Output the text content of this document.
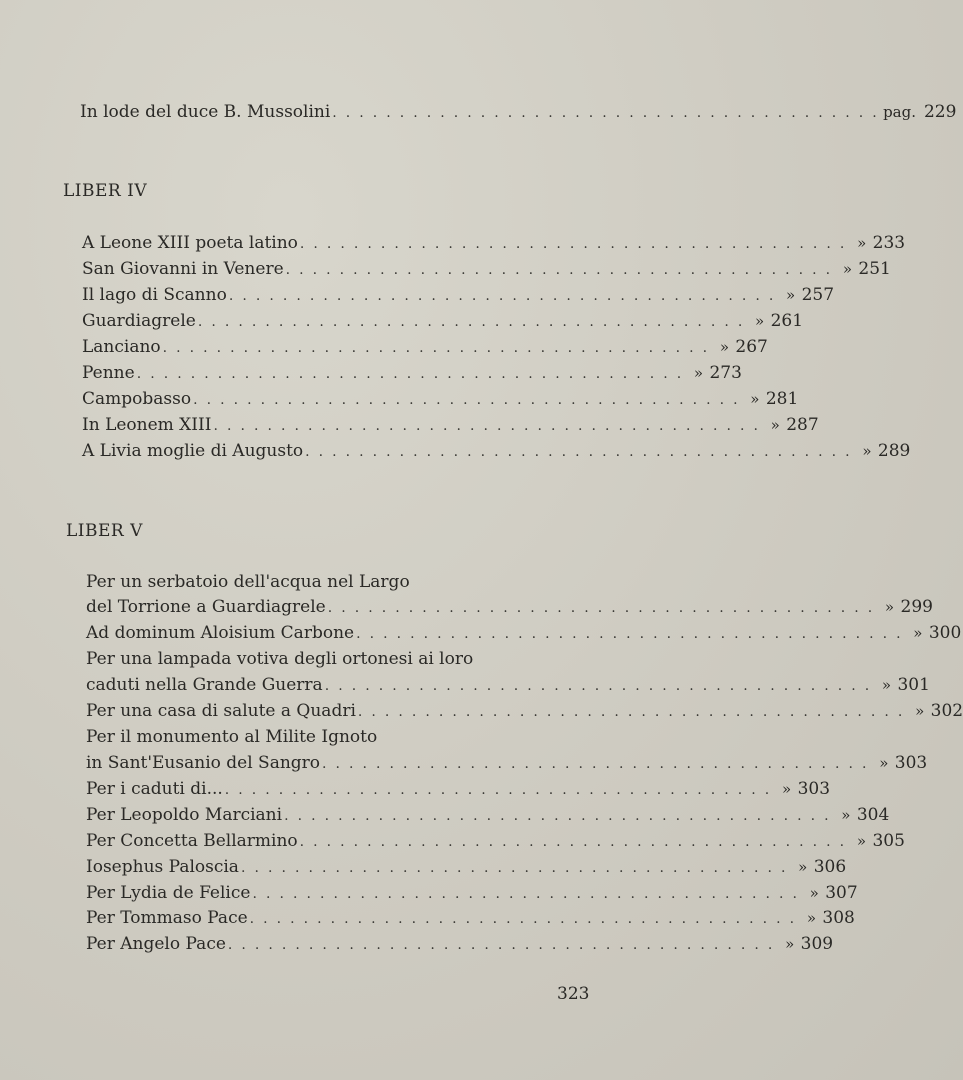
In lode del duce B. Mussolini . . . . . . . . . . . . . . . . . . . . . . . . . . . . . . . . . . . . . . . . . pag. 229
LIBER IV
A Leone XIII poeta latino . . . . . . . . . . . . . . . . . . . . . . . . . . . . . . . . . . . . . . . . . » 233
San Giovanni in Venere . . . . . . . . . . . . . . . . . . . . . . . . . . . . . . . . . . . . . . . . . » 251
Il lago di Scanno . . . . . . . . . . . . . . . . . . . . . . . . . . . . . . . . . . . . . . . . . » 257
Guardiagrele . . . . . . . . . . . . . . . . . . . . . . . . . . . . . . . . . . . . . . . . . » 261
Lanciano . . . . . . . . . . . . . . . . . . . . . . . . . . . . . . . . . . . . . . . . . » 267
Penne . . . . . . . . . . . . . . . . . . . . . . . . . . . . . . . . . . . . . . . . . » 273
Campobasso . . . . . . . . . . . . . . . . . . . . . . . . . . . . . . . . . . . . . . . . . » 281
In Leonem XIII . . . . . . . . . . . . . . . . . . . . . . . . . . . . . . . . . . . . . . . . . » 287
A Livia moglie di Augusto . . . . . . . . . . . . . . . . . . . . . . . . . . . . . . . . . . . . . . . . . » 289
LIBER V
Per un serbatoio dell'acqua nel Largo
del Torrione a Guardiagrele . . . . . . . . . . . . . . . . . . . . . . . . . . . . . . . . . . . . . . . . . » 299
Ad dominum Aloisium Carbone . . . . . . . . . . . . . . . . . . . . . . . . . . . . . . . . . . . . . . . . . » 300
Per una lampada votiva degli ortonesi ai loro
caduti nella Grande Guerra . . . . . . . . . . . . . . . . . . . . . . . . . . . . . . . . . . . . . . . . . » 301
Per una casa di salute a Quadri . . . . . . . . . . . . . . . . . . . . . . . . . . . . . . . . . . . . . . . . . » 302
Per il monumento al Milite Ignoto
in Sant'Eusanio del Sangro . . . . . . . . . . . . . . . . . . . . . . . . . . . . . . . . . . . . . . . . . » 303
Per i caduti di... . . . . . . . . . . . . . . . . . . . . . . . . . . . . . . . . . . . . . . . . . » 303
Per Leopoldo Marciani . . . . . . . . . . . . . . . . . . . . . . . . . . . . . . . . . . . . . . . . . » 304
Per Concetta Bellarmino . . . . . . . . . . . . . . . . . . . . . . . . . . . . . . . . . . . . . . . . . » 305
Iosephus Paloscia . . . . . . . . . . . . . . . . . . . . . . . . . . . . . . . . . . . . . . . . . » 306
Per Lydia de Felice . . . . . . . . . . . . . . . . . . . . . . . . . . . . . . . . . . . . . . . . . » 307
Per Tommaso Pace . . . . . . . . . . . . . . . . . . . . . . . . . . . . . . . . . . . . . . . . . » 308
Per Angelo Pace . . . . . . . . . . . . . . . . . . . . . . . . . . . . . . . . . . . . . . . . . » 309
323
